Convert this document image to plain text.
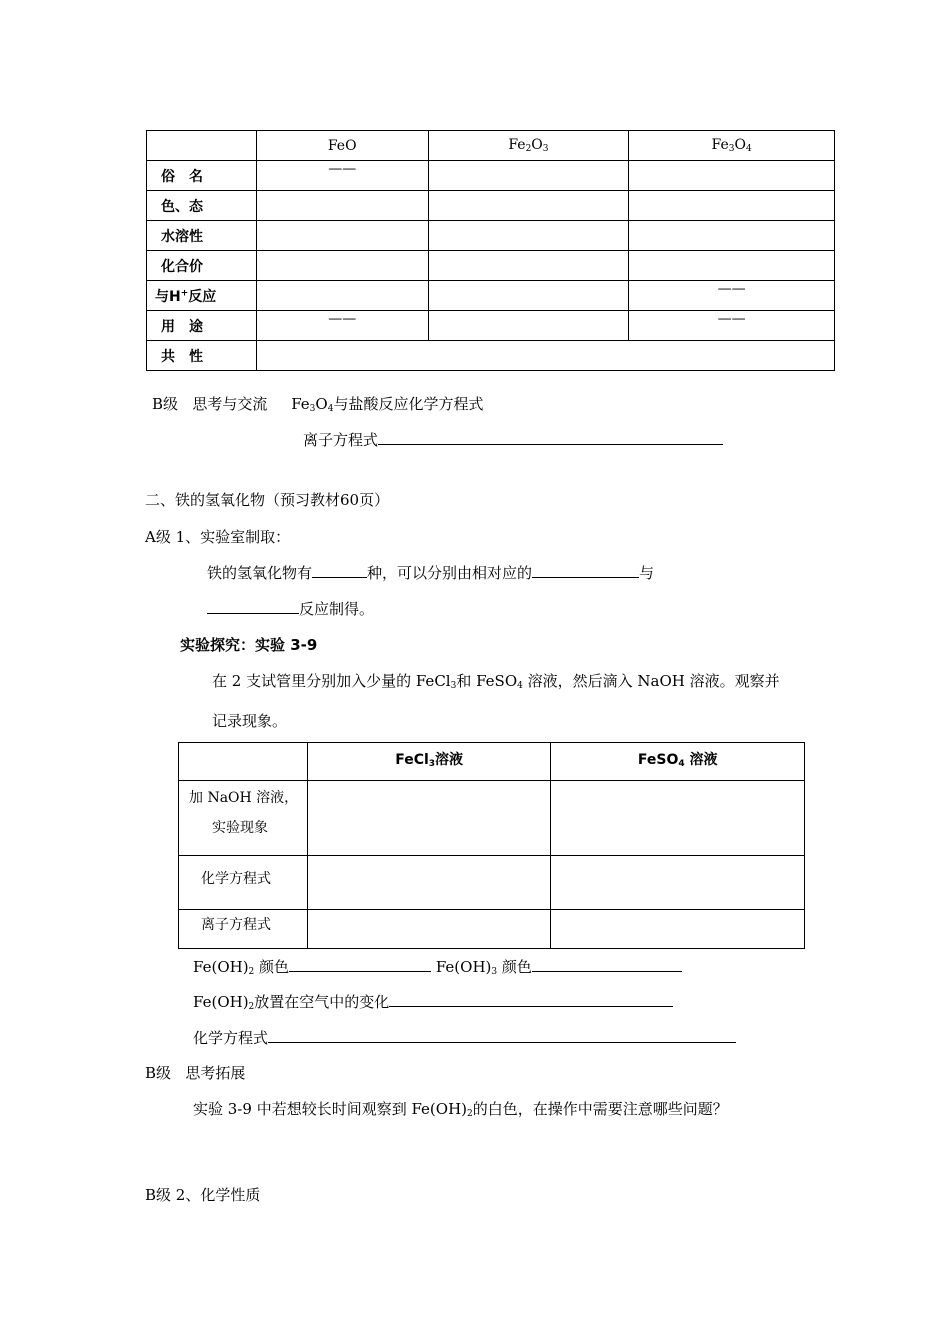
	FeO	$Fe_2O_3$	$Fe_3O_4$
俗　名	——		
色、态			
水溶性			
化合价			
与H+反应			——
用　途	——		——
共　性			
B级 思考与交流 $Fe_3O_4$与盐酸反应化学方程式
离子方程式
二、铁的氢氧化物（预习教材60页）
A级 1、实验室制取：
铁的氢氧化物有	种，可以分别由相对应的	与
反应制得。
实验探究：实验 3-9
在 2 支试管里分别加入少量的 FeCl$_3$和 FeSO$_4$ 溶液，然后滴入 NaOH 溶液。观察并
记录现象。
	FeCl$_3$溶液	FeSO$_4$ 溶液

加 NaOH 溶液，
实验现象		

化学方程式		
离子方程式		
$Fe(OH)_2$ 颜色	$Fe(OH)_3$ 颜色
$Fe(OH)_2$放置在空气中的变化
化学方程式
B级 思考拓展
实验 3-9 中若想较长时间观察到 $Fe(OH)_2$的白色，在操作中需要注意哪些问题？
B级 2、化学性质
